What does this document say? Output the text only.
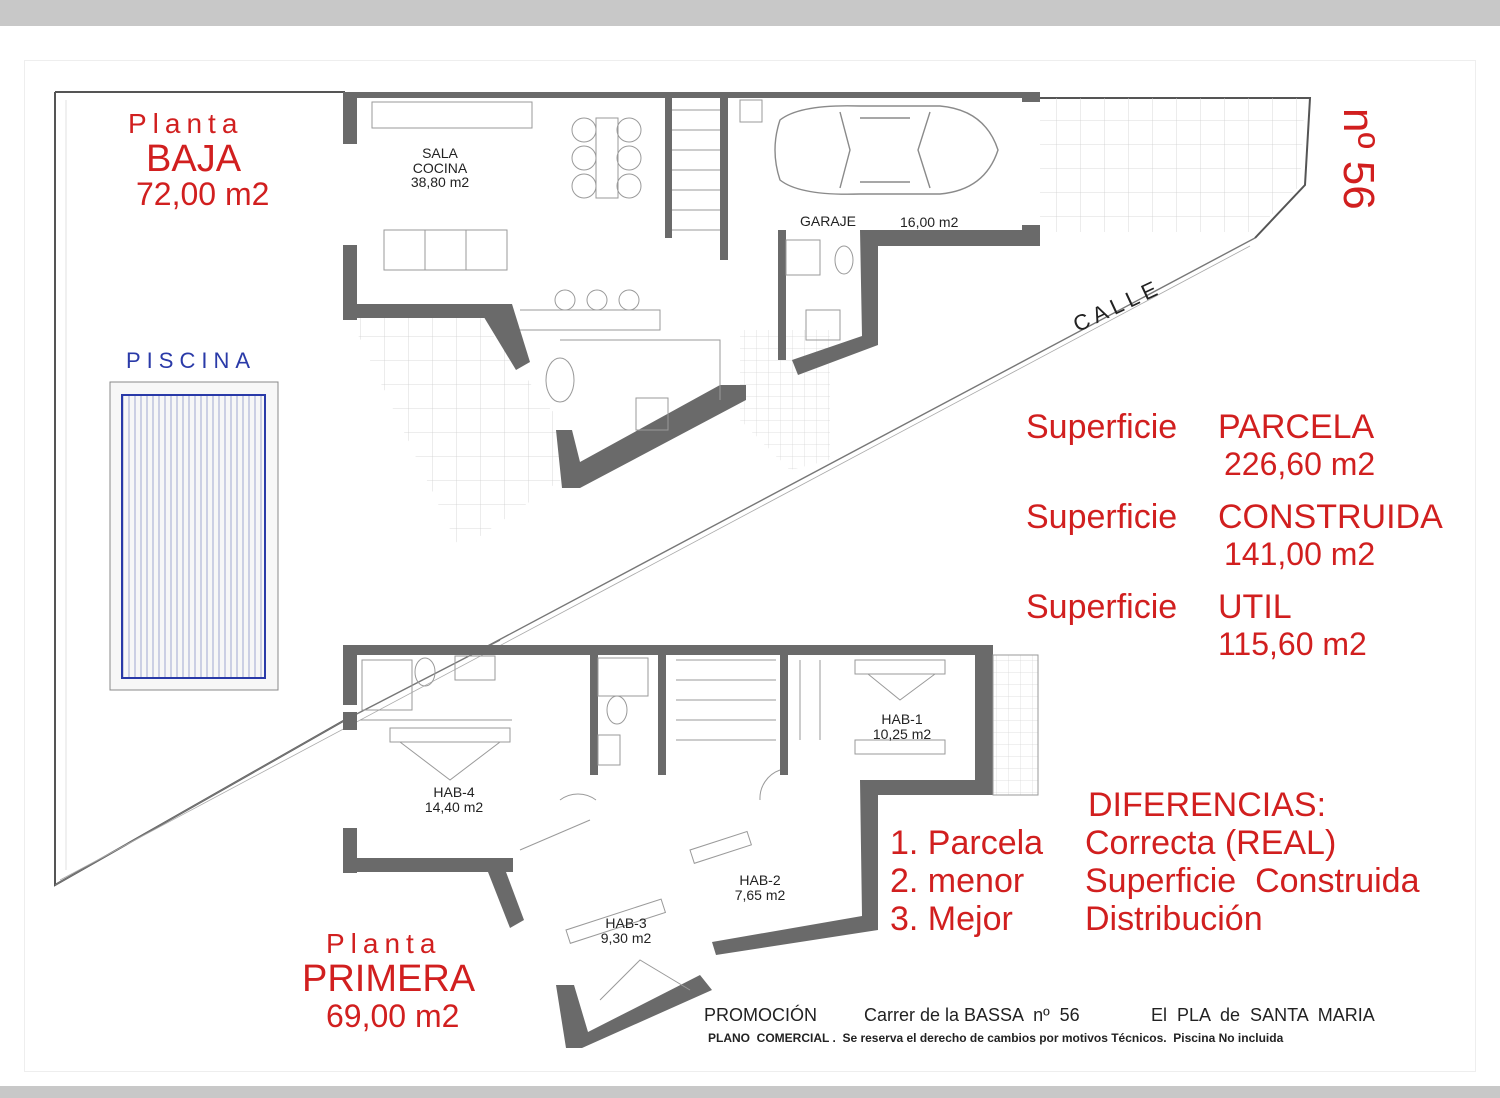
Planta
BAJA
72,00 m2
PISCINA
SALA
COCINA
38,80 m2
GARAJE	16,00 m2
CALLE
nº 56
Superficie PARCELA
226,60 m2
Superficie CONSTRUIDA
141,00 m2
Superficie UTIL
115,60 m2
HAB-1
10,25 m2
HAB-4
14,40 m2
HAB-2
7,65 m2
HAB-3
9,30 m2
DIFERENCIAS:
1. Parcela Correcta (REAL)
2. menor Superficie  Construida
3. Mejor Distribución
Planta
PRIMERA
69,00 m2	PROMOCIÓN	Carrer de la BASSA  nº  56	El  PLA  de  SANTA  MARIA
PLANO  COMERCIAL .  Se reserva el derecho de cambios por motivos Técnicos.  Piscina No incluida
